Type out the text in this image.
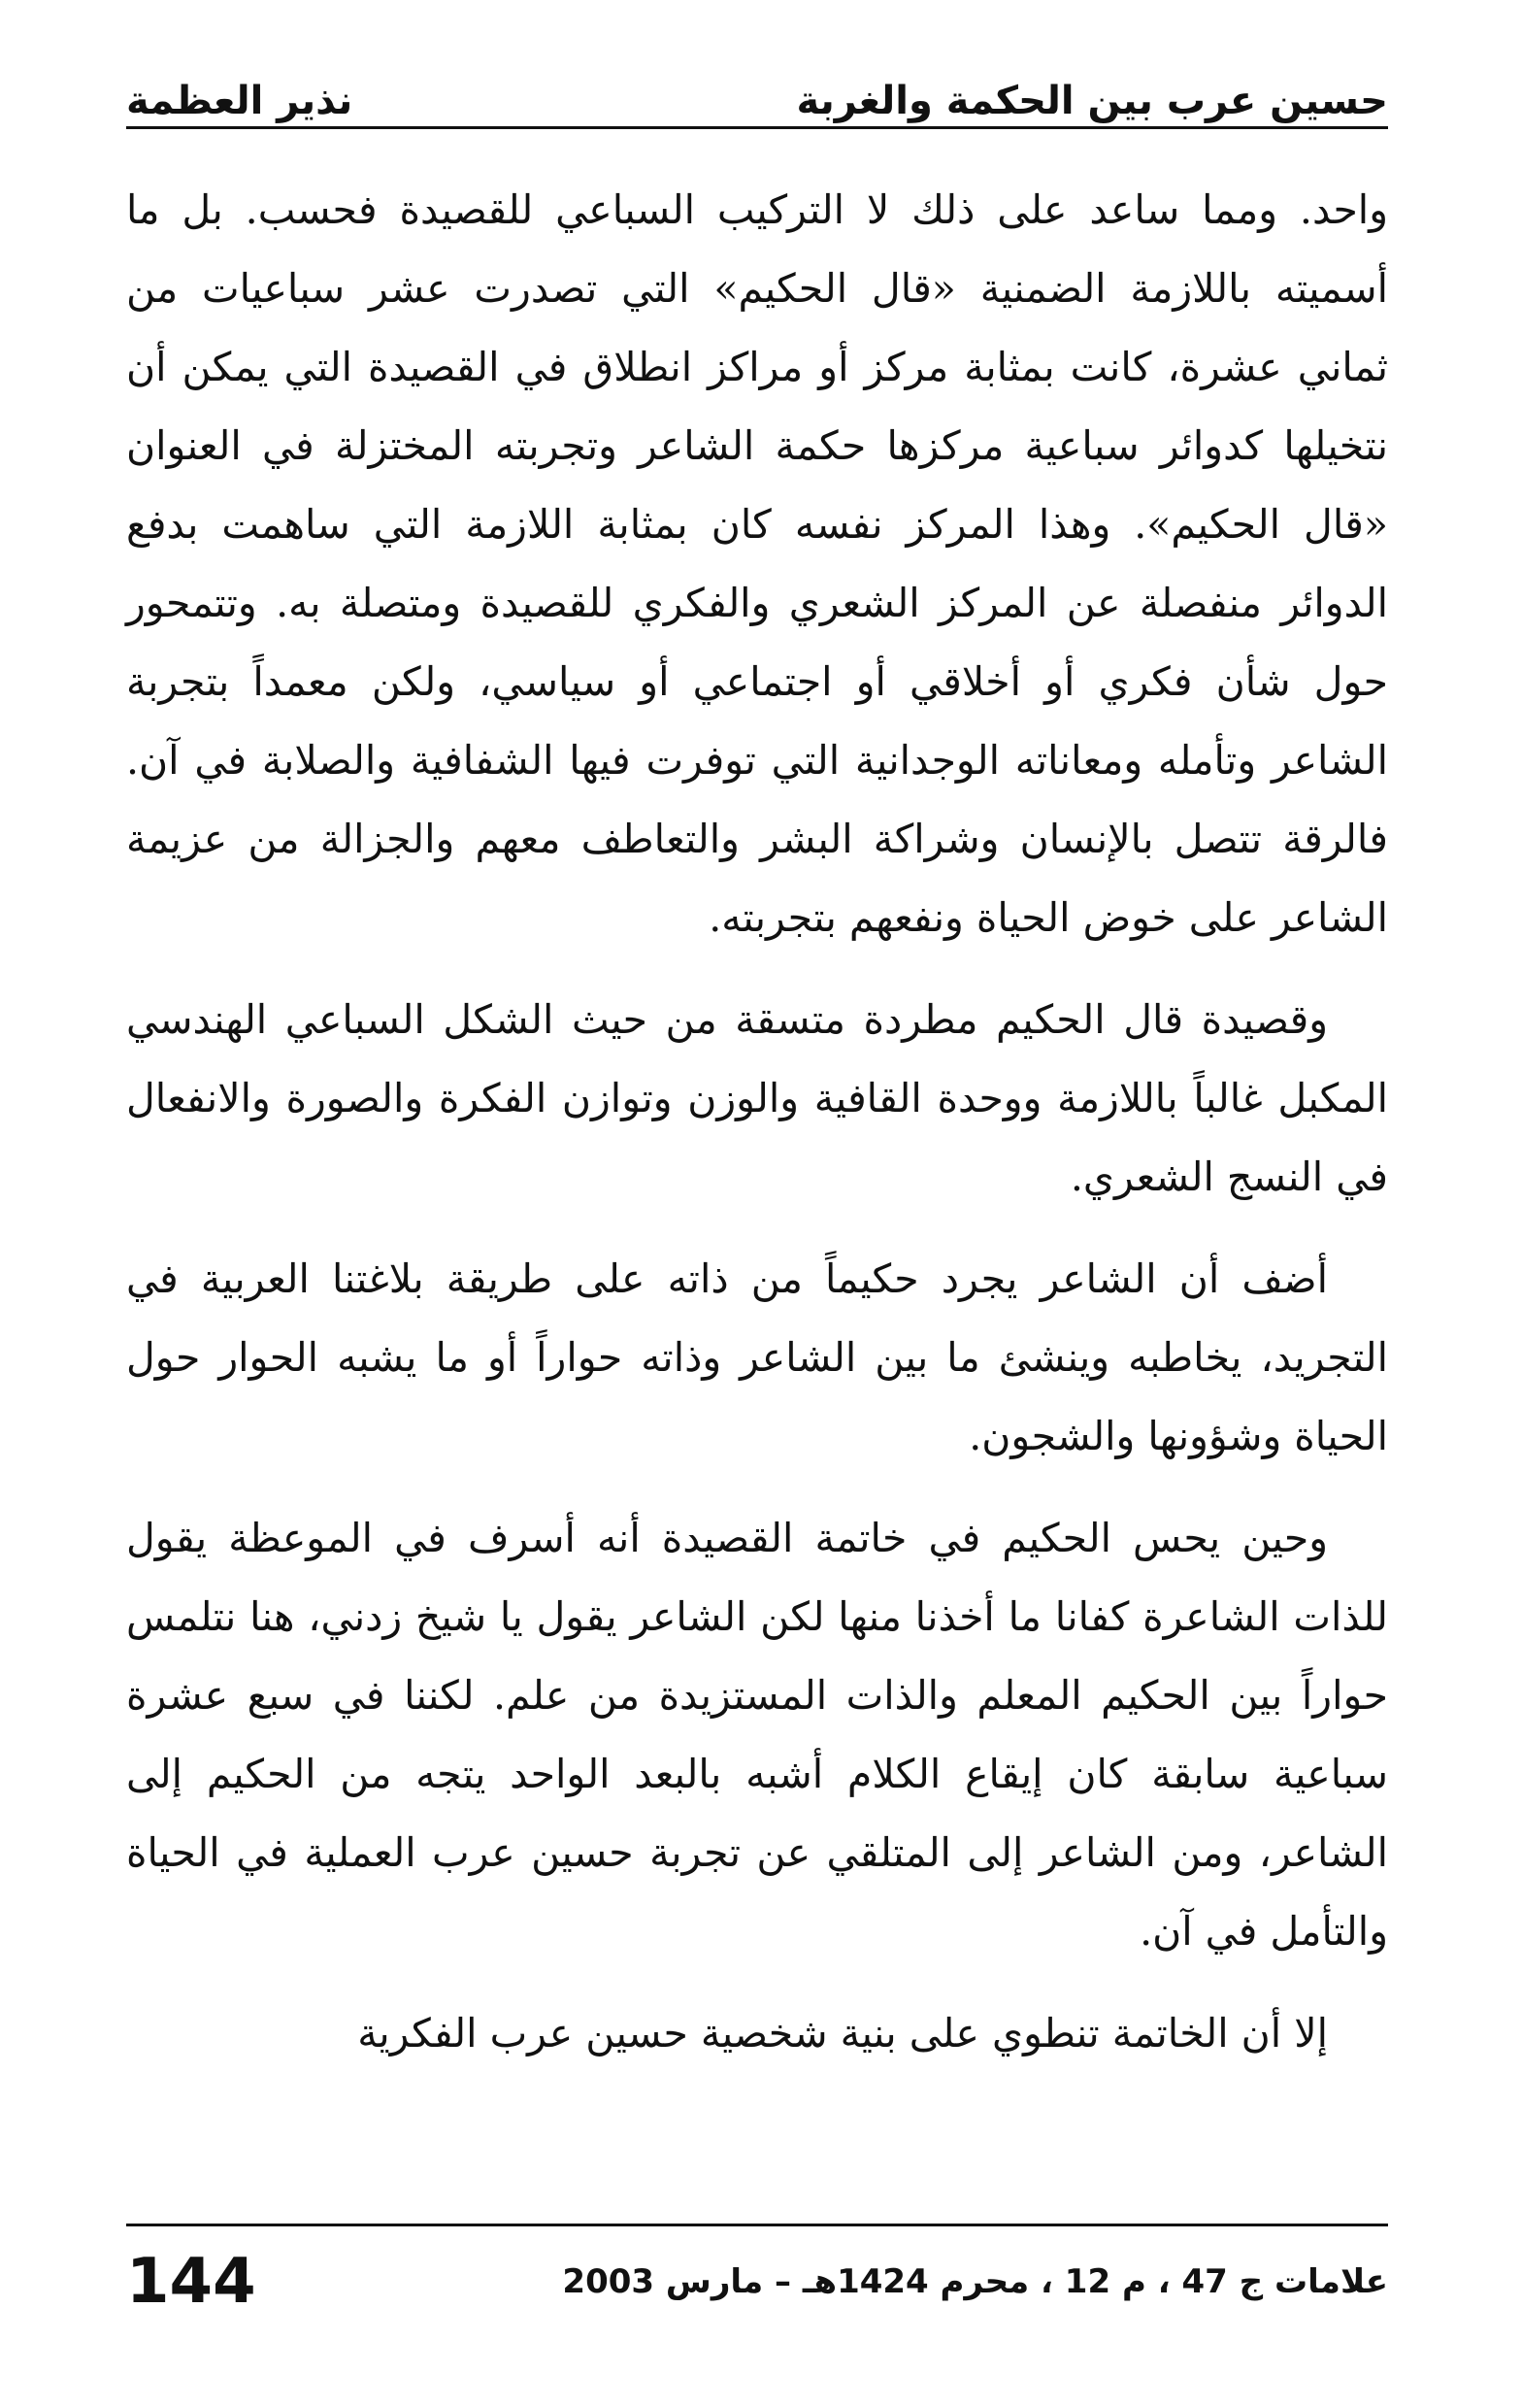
حسين عرب بين الحكمة والغربة
نذير العظمة

واحد. ومما ساعد على ذلك لا التركيب السباعي للقصيدة فحسب. بل ما أسميته باللازمة الضمنية «قال الحكيم» التي تصدرت عشر سباعيات من ثماني عشرة، كانت بمثابة مركز أو مراكز انطلاق في القصيدة التي يمكن أن نتخيلها كدوائر سباعية مركزها حكمة الشاعر وتجربته المختزلة في العنوان «قال الحكيم». وهذا المركز نفسه كان بمثابة اللازمة التي ساهمت بدفع الدوائر منفصلة عن المركز الشعري والفكري للقصيدة ومتصلة به. وتتمحور حول شأن فكري أو أخلاقي أو اجتماعي أو سياسي، ولكن معمداً بتجربة الشاعر وتأمله ومعاناته الوجدانية التي توفرت فيها الشفافية والصلابة في آن. فالرقة تتصل بالإنسان وشراكة البشر والتعاطف معهم والجزالة من عزيمة الشاعر على خوض الحياة ونفعهم بتجربته.

وقصيدة قال الحكيم مطردة متسقة من حيث الشكل السباعي الهندسي المكبل غالباً باللازمة ووحدة القافية والوزن وتوازن الفكرة والصورة والانفعال في النسج الشعري.

أضف أن الشاعر يجرد حكيماً من ذاته على طريقة بلاغتنا العربية في التجريد، يخاطبه وينشئ ما بين الشاعر وذاته حواراً أو ما يشبه الحوار حول الحياة وشؤونها والشجون.

وحين يحس الحكيم في خاتمة القصيدة أنه أسرف في الموعظة يقول للذات الشاعرة كفانا ما أخذنا منها لكن الشاعر يقول يا شيخ زدني، هنا نتلمس حواراً بين الحكيم المعلم والذات المستزيدة من علم. لكننا في سبع عشرة سباعية سابقة كان إيقاع الكلام أشبه بالبعد الواحد يتجه من الحكيم إلى الشاعر، ومن الشاعر إلى المتلقي عن تجربة حسين عرب العملية في الحياة والتأمل في آن.

إلا أن الخاتمة تنطوي على بنية شخصية حسين عرب الفكرية

علامات ج 47 ، م 12 ، محرم 1424هـ – مارس 2003
144
